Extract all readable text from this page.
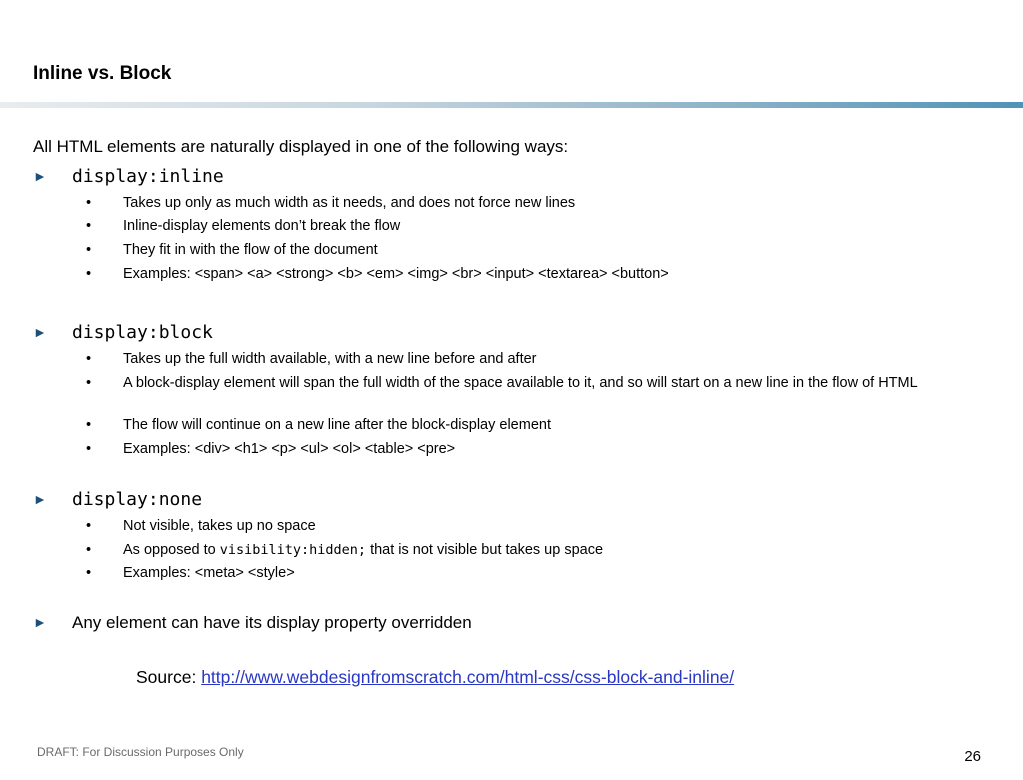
Inline vs. Block
All HTML elements are naturally displayed in one of the following ways:
► display:inline
• Takes up only as much width as it needs, and does not force new lines
• Inline-display elements don’t break the flow
• They fit in with the flow of the document
• Examples: <span> <a> <strong> <b> <em> <img> <br> <input> <textarea> <button>
► display:block
• Takes up the full width available, with a new line before and after
• A block-display element will span the full width of the space available to it, and so will start on a new line in the flow of HTML
• The flow will continue on a new line after the block-display element
• Examples: <div> <h1> <p> <ul> <ol> <table> <pre>
► display:none
• Not visible, takes up no space
• As opposed to visibility:hidden; that is not visible but takes up space
• Examples: <meta> <style>
► Any element can have its display property overridden
Source: http://www.webdesignfromscratch.com/html-css/css-block-and-inline/
DRAFT: For Discussion Purposes Only	26
